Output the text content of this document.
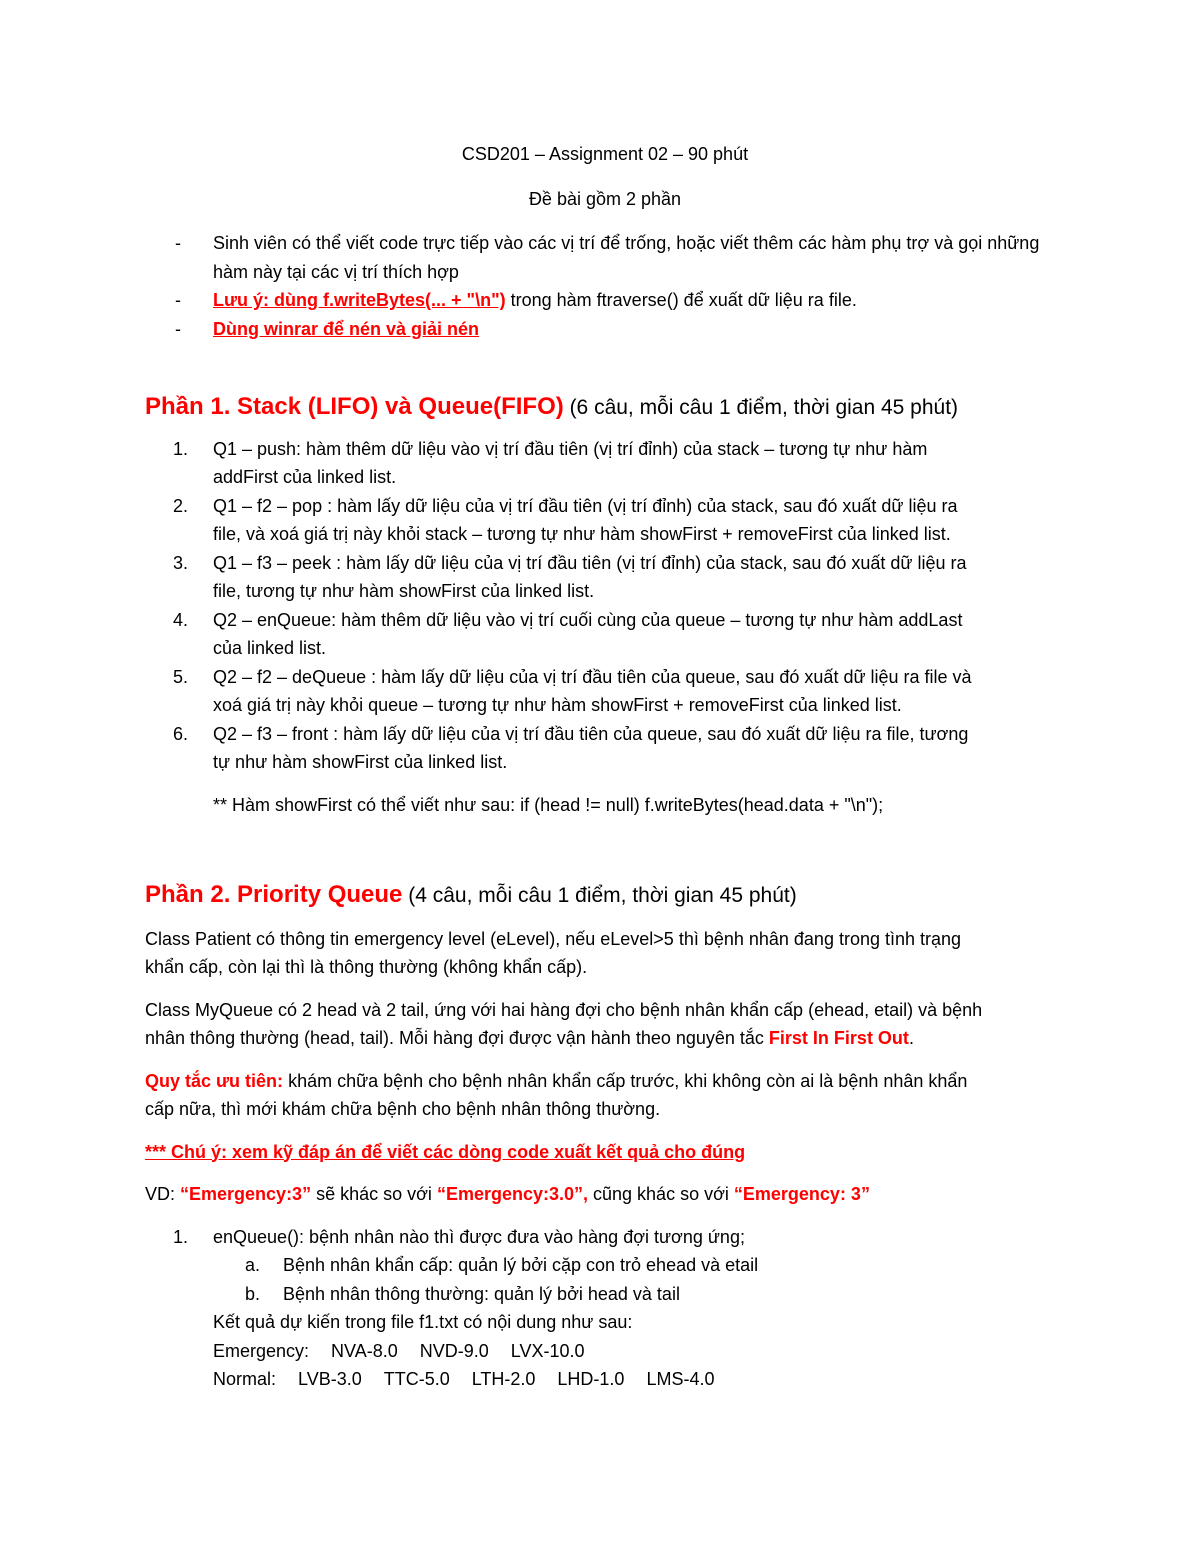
CSD201 – Assignment 02 – 90 phút
Đề bài gồm 2 phần
- Sinh viên có thể viết code trực tiếp vào các vị trí để trống, hoặc viết thêm các hàm phụ trợ và gọi những hàm này tại các vị trí thích hợp
- Lưu ý: dùng f.writeBytes(... + "\n") trong hàm ftraverse() để xuất dữ liệu ra file.
- Dùng winrar để nén và giải nén
Phần 1. Stack (LIFO) và Queue(FIFO) (6 câu, mỗi câu 1 điểm, thời gian 45 phút)
1. Q1 – push: hàm thêm dữ liệu vào vị trí đầu tiên (vị trí đỉnh) của stack – tương tự như hàm
addFirst của linked list.
2. Q1 – f2 – pop : hàm lấy dữ liệu của vị trí đầu tiên (vị trí đỉnh) của stack, sau đó xuất dữ liệu ra
file, và xoá giá trị này khỏi stack – tương tự như hàm showFirst + removeFirst của linked list.
3. Q1 – f3 – peek : hàm lấy dữ liệu của vị trí đầu tiên (vị trí đỉnh) của stack, sau đó xuất dữ liệu ra
file, tương tự như hàm showFirst của linked list.
4. Q2 – enQueue: hàm thêm dữ liệu vào vị trí cuối cùng của queue – tương tự như hàm addLast
của linked list.
5. Q2 – f2 – deQueue : hàm lấy dữ liệu của vị trí đầu tiên của queue, sau đó xuất dữ liệu ra file và
xoá giá trị này khỏi queue – tương tự như hàm showFirst + removeFirst của linked list.
6. Q2 – f3 – front : hàm lấy dữ liệu của vị trí đầu tiên của queue, sau đó xuất dữ liệu ra file, tương
tự như hàm showFirst của linked list.
** Hàm showFirst có thể viết như sau: if (head != null) f.writeBytes(head.data + "\n");
Phần 2. Priority Queue (4 câu, mỗi câu 1 điểm, thời gian 45 phút)
Class Patient có thông tin emergency level (eLevel), nếu eLevel>5 thì bệnh nhân đang trong tình trạng
khẩn cấp, còn lại thì là thông thường (không khẩn cấp).
Class MyQueue có 2 head và 2 tail, ứng với hai hàng đợi cho bệnh nhân khẩn cấp (ehead, etail) và bệnh
nhân thông thường (head, tail). Mỗi hàng đợi được vận hành theo nguyên tắc First In First Out.
Quy tắc ưu tiên: khám chữa bệnh cho bệnh nhân khẩn cấp trước, khi không còn ai là bệnh nhân khẩn
cấp nữa, thì mới khám chữa bệnh cho bệnh nhân thông thường.
*** Chú ý: xem kỹ đáp án để viết các dòng code xuất kết quả cho đúng
VD: “Emergency:3” sẽ khác so với “Emergency:3.0”, cũng khác so với “Emergency: 3”
1. enQueue(): bệnh nhân nào thì được đưa vào hàng đợi tương ứng;
a. Bệnh nhân khẩn cấp: quản lý bởi cặp con trỏ ehead và etail
b. Bệnh nhân thông thường: quản lý bởi head và tail
Kết quả dự kiến trong file f1.txt có nội dung như sau:
Emergency: NVA-8.0 NVD-9.0 LVX-10.0
Normal: LVB-3.0 TTC-5.0 LTH-2.0 LHD-1.0 LMS-4.0
